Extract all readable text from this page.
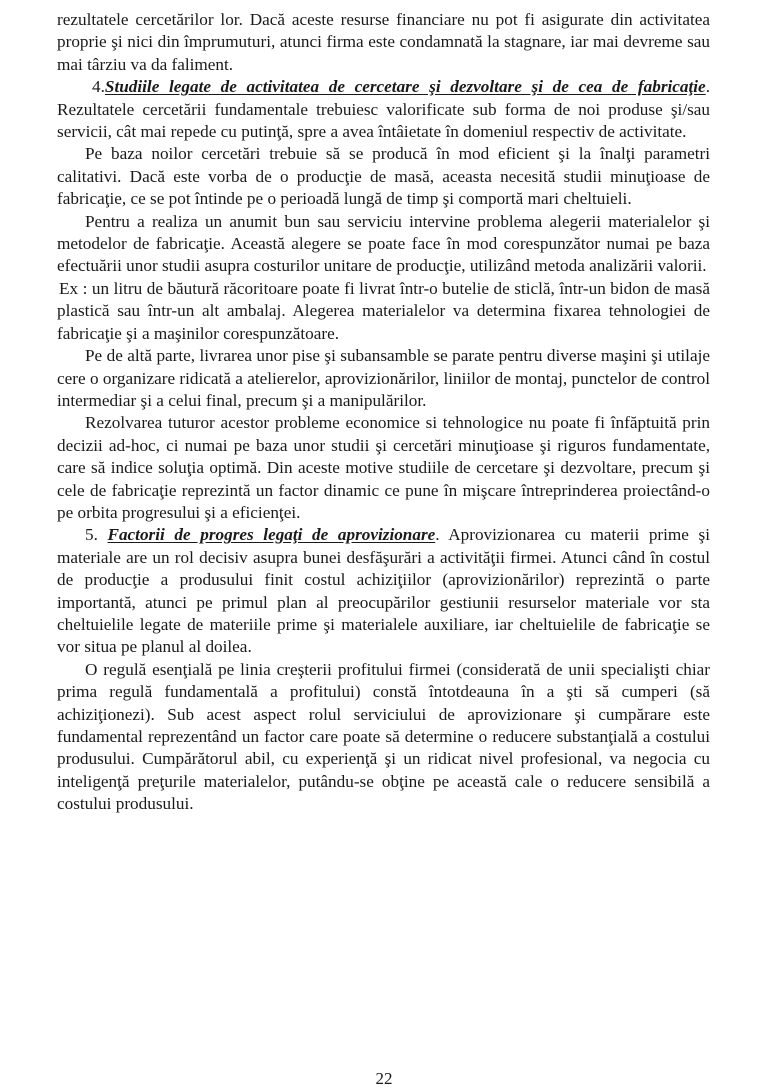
rezultatele cercetărilor lor. Dacă aceste resurse financiare nu pot fi asigurate din activitatea proprie şi nici din împrumuturi, atunci firma este condamnată la stagnare, iar mai devreme sau mai târziu va da faliment.

4.Studiile legate de activitatea de cercetare şi dezvoltare şi de cea de fabricaţie. Rezultatele cercetării fundamentale trebuiesc valorificate sub forma de noi produse şi/sau servicii, cât mai repede cu putinţă, spre a avea întâietate în domeniul respectiv de activitate.

Pe baza noilor cercetări trebuie să se producă în mod eficient şi la înalţi parametri calitativi. Dacă este vorba de o producţie de masă, aceasta necesită studii minuţioase de fabricaţie, ce se pot întinde pe o perioadă lungă de timp şi comportă mari cheltuieli.

Pentru a realiza un anumit bun sau serviciu intervine problema alegerii materialelor şi metodelor de fabricaţie. Această alegere se poate face în mod corespunzător numai pe baza efectuării unor studii asupra costurilor unitare de producţie, utilizând metoda analizării valorii.

Ex : un litru de băutură răcoritoare poate fi livrat într-o butelie de sticlă, într-un bidon de masă plastică sau într-un alt ambalaj. Alegerea materialelor va determina fixarea tehnologiei de fabricaţie şi a maşinilor corespunzătoare.

Pe de altă parte, livrarea unor pise şi subansamble se parate pentru diverse maşini şi utilaje cere o organizare ridicată a atelierelor, aprovizionărilor, liniilor de montaj, punctelor de control intermediar şi a celui final, precum şi a manipulărilor.

Rezolvarea tuturor acestor probleme economice si tehnologice nu poate fi înfăptuită prin decizii ad-hoc, ci numai pe baza unor studii şi cercetări minuţioase şi riguros fundamentate, care să indice soluţia optimă. Din aceste motive studiile de cercetare şi dezvoltare, precum şi cele de fabricaţie reprezintă un factor dinamic ce pune în mişcare întreprinderea proiectând-o pe orbita progresului şi a eficienţei.

5. Factorii de progres legaţi de aprovizionare. Aprovizionarea cu materii prime şi materiale are un rol decisiv asupra bunei desfăşurări a activităţii firmei. Atunci când în costul de producţie a produsului finit costul achiziţiilor (aprovizionărilor) reprezintă o parte importantă, atunci pe primul plan al preocupărilor gestiunii resurselor materiale vor sta cheltuielile legate de materiile prime şi materialele auxiliare, iar cheltuielile de fabricaţie se vor situa pe planul al doilea.

O regulă esenţială pe linia creşterii profitului firmei (considerată de unii specialişti chiar prima regulă fundamentală a profitului) constă întotdeauna în a şti să cumperi (să achiziţionezi). Sub acest aspect rolul serviciului de aprovizionare şi cumpărare este fundamental reprezentând un factor care poate să determine o reducere substanţială a costului produsului. Cumpărătorul abil, cu experienţă şi un ridicat nivel profesional, va negocia cu inteligenţă preţurile materialelor, putându-se obţine pe această cale o reducere sensibilă a costului produsului.

22
